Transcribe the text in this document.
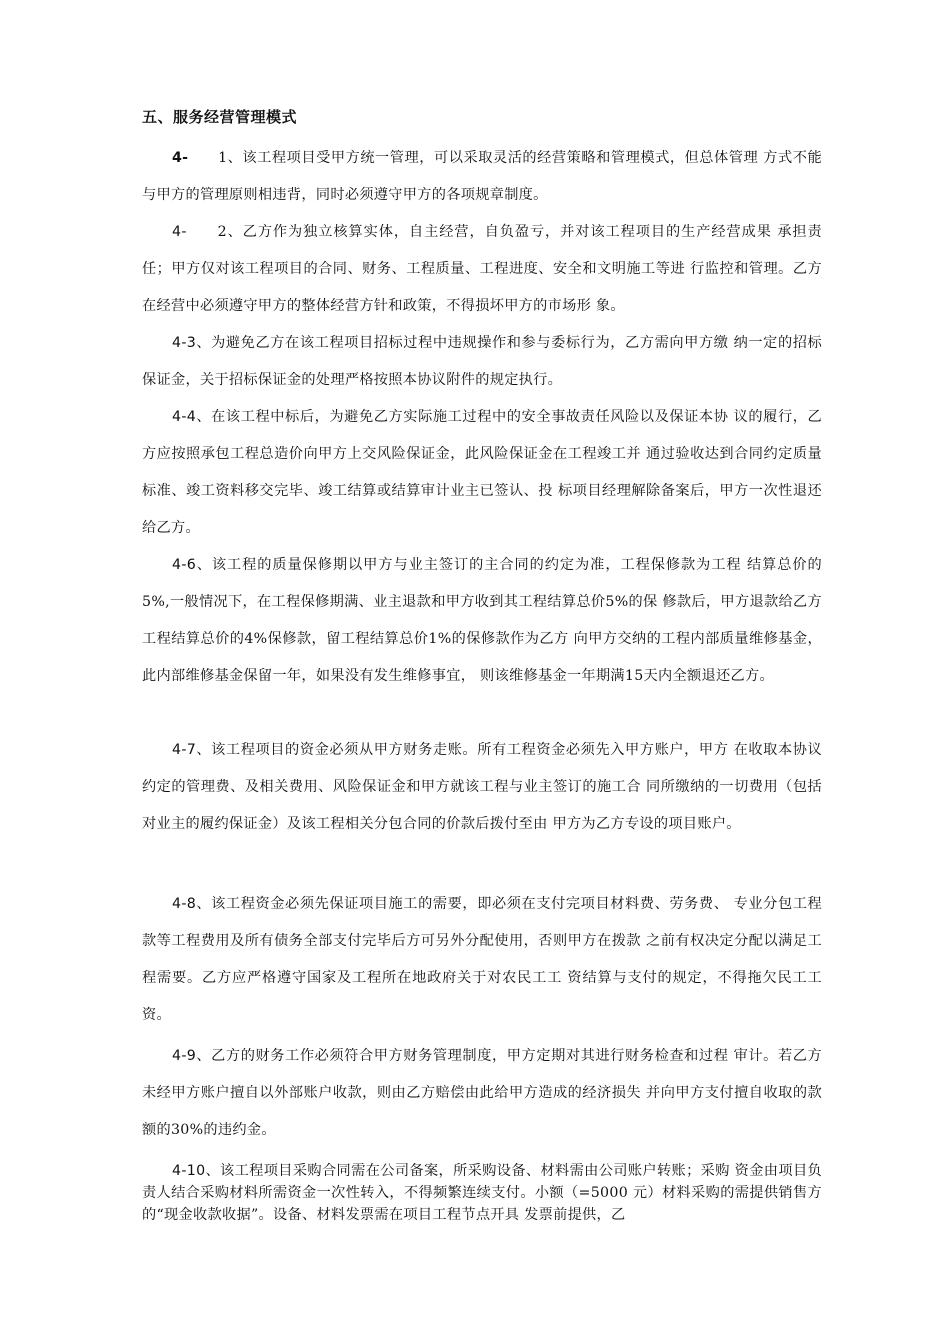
五、服务经营管理模式

4-　　 1、该工程项目受甲方统一管理，可以采取灵活的经营策略和管理模式，但总体管理 方式不能与甲方的管理原则相违背，同时必须遵守甲方的各项规章制度。

4-　　 2、乙方作为独立核算实体，自主经营，自负盈亏，并对该工程项目的生产经营成果 承担责任；甲方仅对该工程项目的合同、财务、工程质量、工程进度、安全和文明施工等进 行监控和管理。乙方在经营中必须遵守甲方的整体经营方针和政策，不得损坏甲方的市场形 象。

4-3、为避免乙方在该工程项目招标过程中违规操作和参与委标行为，乙方需向甲方缴 纳一定的招标保证金，关于招标保证金的处理严格按照本协议附件的规定执行。

4-4、在该工程中标后，为避免乙方实际施工过程中的安全事故责任风险以及保证本协 议的履行，乙方应按照承包工程总造价向甲方上交风险保证金，此风险保证金在工程竣工并 通过验收达到合同约定质量标准、竣工资料移交完毕、竣工结算或结算审计业主已签认、投 标项目经理解除备案后，甲方一次性退还给乙方。

4-6、该工程的质量保修期以甲方与业主签订的主合同的约定为准，工程保修款为工程 结算总价的5%,一般情况下，在工程保修期满、业主退款和甲方收到其工程结算总价5%的保 修款后，甲方退款给乙方工程结算总价的4%保修款，留工程结算总价1%的保修款作为乙方 向甲方交纳的工程内部质量维修基金，此内部维修基金保留一年，如果没有发生维修事宜， 则该维修基金一年期满15天内全额退还乙方。

4-7、该工程项目的资金必须从甲方财务走账。所有工程资金必须先入甲方账户，甲方 在收取本协议约定的管理费、及相关费用、风险保证金和甲方就该工程与业主签订的施工合 同所缴纳的一切费用（包括对业主的履约保证金）及该工程相关分包合同的价款后拨付至由 甲方为乙方专设的项目账户。

4-8、该工程资金必须先保证项目施工的需要，即必须在支付完项目材料费、劳务费、 专业分包工程款等工程费用及所有债务全部支付完毕后方可另外分配使用，否则甲方在拨款 之前有权决定分配以满足工程需要。乙方应严格遵守国家及工程所在地政府关于对农民工工 资结算与支付的规定，不得拖欠民工工资。

4-9、乙方的财务工作必须符合甲方财务管理制度，甲方定期对其进行财务检查和过程 审计。若乙方未经甲方账户擅自以外部账户收款，则由乙方赔偿由此给甲方造成的经济损失 并向甲方支付擅自收取的款额的30%的违约金。

4-10、该工程项目采购合同需在公司备案，所采购设备、材料需由公司账户转账；采购 资金由项目负责人结合采购材料所需资金一次性转入，不得频繁连续支付。小额（=5000 元）材料采购的需提供销售方的“现金收款收据”。设备、材料发票需在项目工程节点开具 发票前提供，乙
